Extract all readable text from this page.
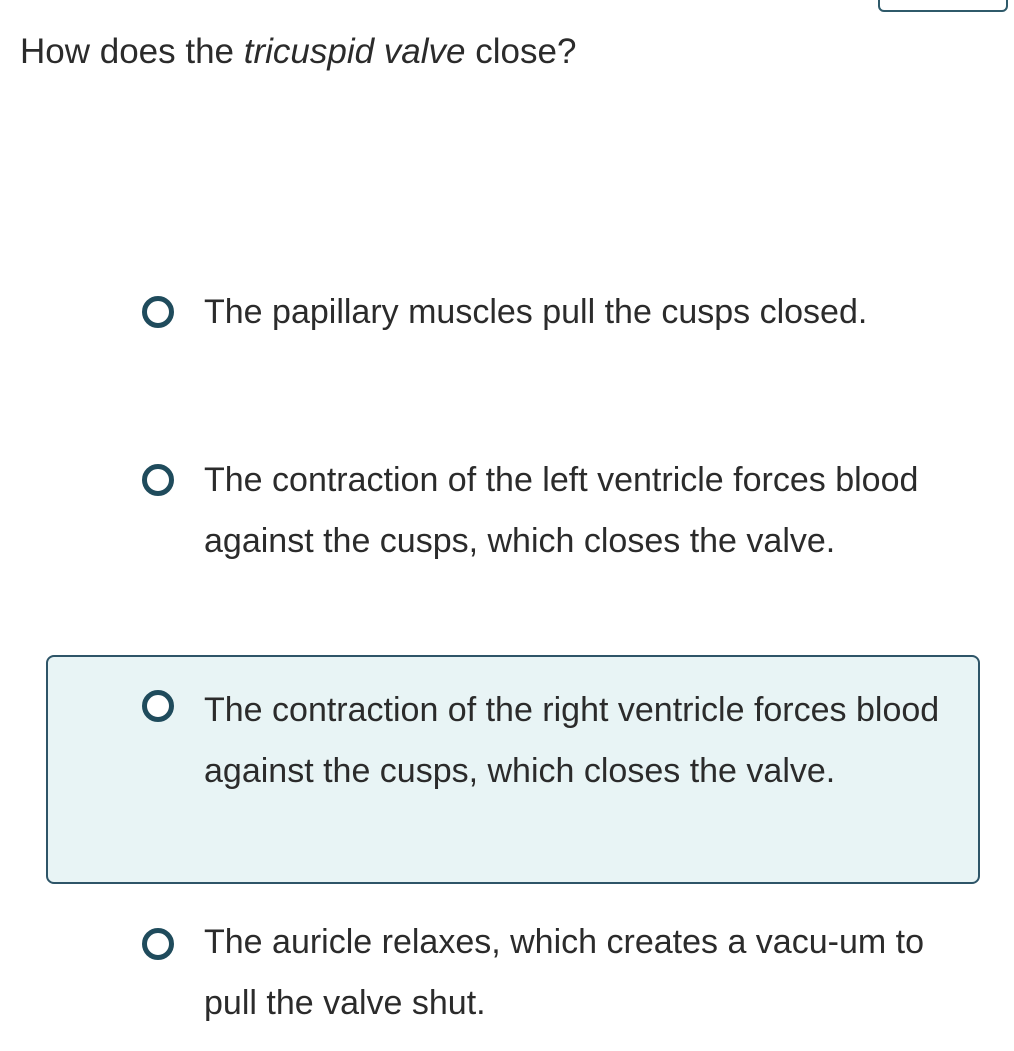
How does the tricuspid valve close?

The papillary muscles pull the cusps closed.

The contraction of the left ventricle forces blood against the cusps, which closes the valve.

The contraction of the right ventricle forces blood against the cusps, which closes the valve.

The auricle relaxes, which creates a vacu-um to pull the valve shut.
